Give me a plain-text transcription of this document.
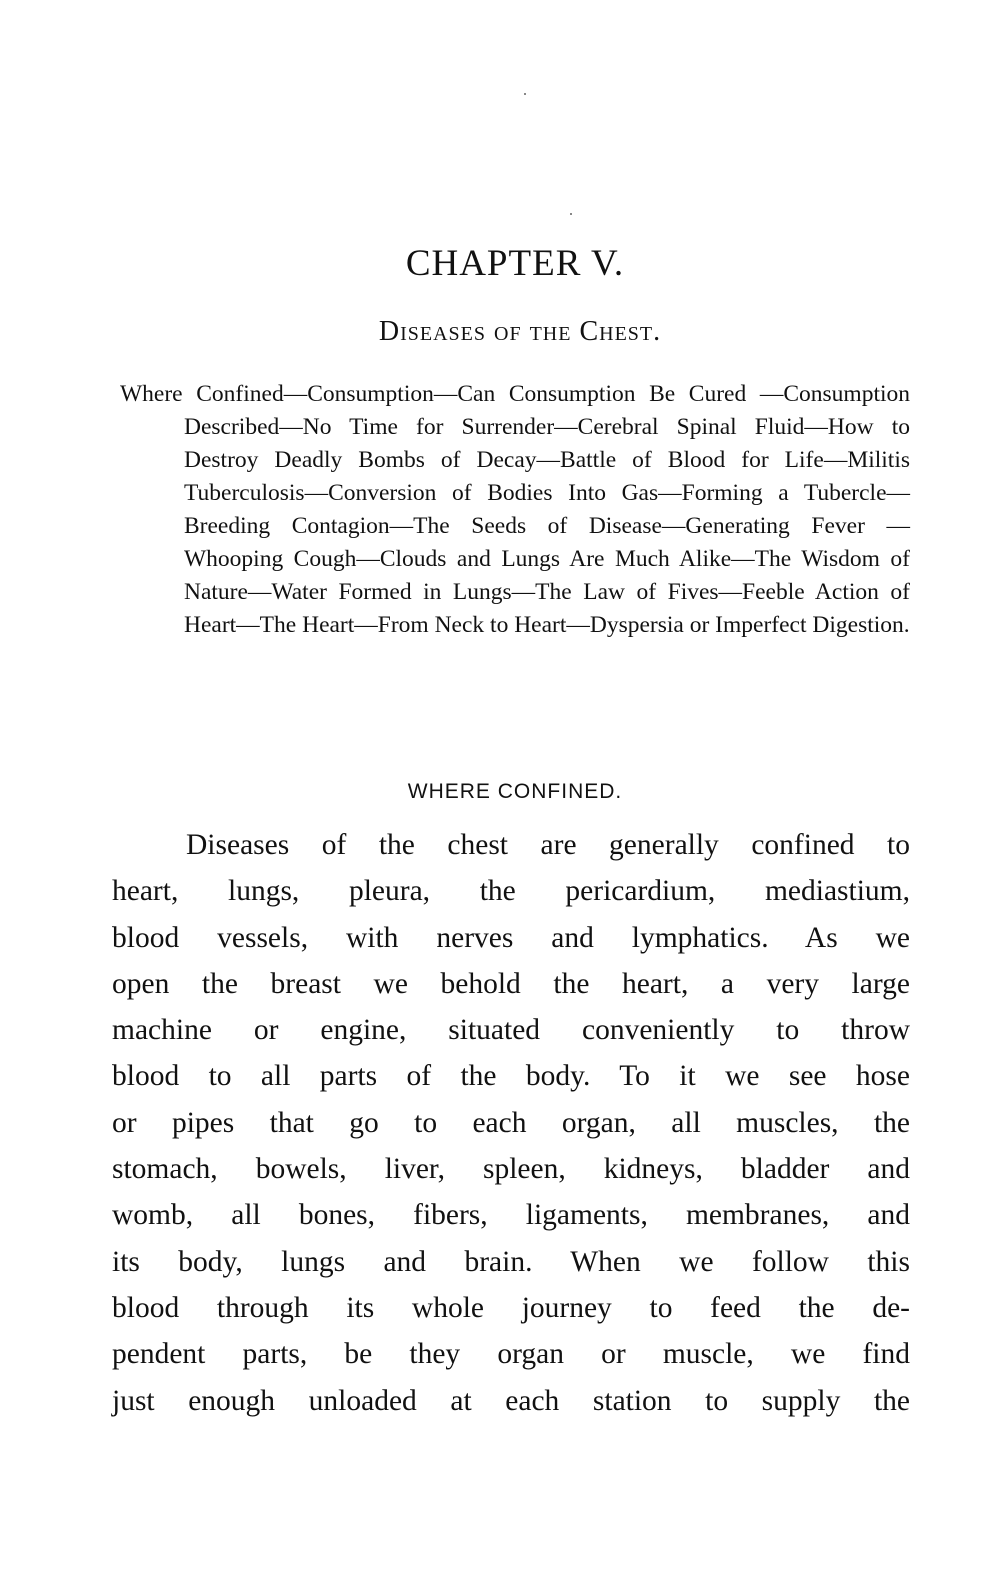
CHAPTER V.
Diseases of the Chest.
Where Confined—Consumption—Can Consumption Be Cured —Consumption Described—No Time for Surrender—Cerebral Spinal Fluid—How to Destroy Deadly Bombs of Decay—Battle of Blood for Life—Militis Tuberculosis—Conversion of Bodies Into Gas—Forming a Tubercle—Breeding Contagion—The Seeds of Disease—Generating Fever — Whooping Cough—Clouds and Lungs Are Much Alike—The Wisdom of Nature—Water Formed in Lungs—The Law of Fives—Feeble Action of Heart—The Heart—From Neck to Heart—Dyspersia or Imperfect Digestion.
WHERE CONFINED.
Diseases of the chest are generally confined to
heart, lungs, pleura, the pericardium, mediastium,
blood vessels, with nerves and lymphatics. As we
open the breast we behold the heart, a very large
machine or engine, situated conveniently to throw
blood to all parts of the body. To it we see hose
or pipes that go to each organ, all muscles, the
stomach, bowels, liver, spleen, kidneys, bladder and
womb, all bones, fibers, ligaments, membranes, and
its body, lungs and brain. When we follow this
blood through its whole journey to feed the de-
pendent parts, be they organ or muscle, we find
just enough unloaded at each station to supply the
